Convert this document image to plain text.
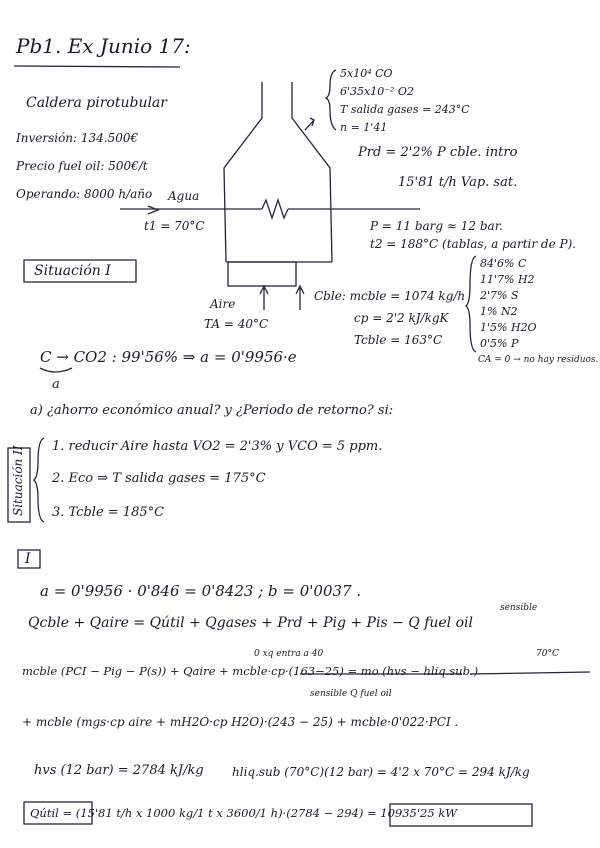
Pb1. Ex Junio 17:
Caldera pirotubular
Inversión: 134.500€
Precio fuel oil: 500€/t
Operando: 8000 h/año Agua
t1 = 70°C
5x10⁴ CO
6'35x10⁻² O2
T salida gases = 243°C
n = 1'41
Prd = 2'2% P cble. intro
15'81 t/h Vap. sat.
P = 11 barg ≈ 12 bar.
t2 = 188°C (tablas, a partir de P).
Situación I
Aire
TA = 40°C
Cble: mcble = 1074 kg/h
cp = 2'2 kJ/kgK
Tcble = 163°C
84'6% C
11'7% H2
2'7% S
1% N2
1'5% H2O
0'5% P
CA = 0 → no hay residuos.
C → CO2 : 99'56% ⇒ a = 0'9956·e
a
a) ¿ahorro económico anual? y ¿Periodo de retorno? si:
Situación II 1. reducir Aire hasta VO2 = 2'3% y VCO = 5 ppm.
2. Eco ⇒ T salida gases = 175°C
3. Tcble = 185°C
I
a = 0'9956 · 0'846 = 0'8423 ; b = 0'0037 .
sensible
Qcble + Qaire = Qútil + Qgases + Prd + Pig + Pis − Q fuel oil
0 xq entra a 40	70°C
mcble (PCI − Pig − P(s)) + Qaire + mcble·cp·(163−25) = mo (hvs − hliq.sub.)
sensible Q fuel oil
+ mcble (mgs·cp aire + mH2O·cp H2O)·(243 − 25) + mcble·0'022·PCI .
hvs (12 bar) = 2784 kJ/kg hliq.sub (70°C)(12 bar) = 4'2 x 70°C = 294 kJ/kg
Qútil = (15'81 t/h x 1000 kg/1 t x 3600/1 h)·(2784 − 294) = 10935'25 kW
